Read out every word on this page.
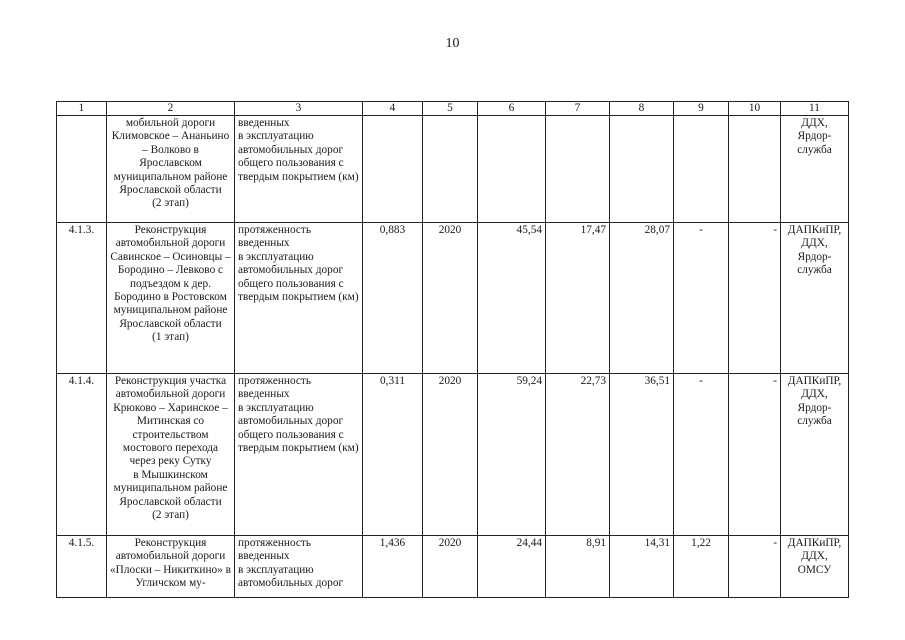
10
1	2	3	4	5	6	7	8	9	10	11
	мобильной дороги
Климовское – Ананьино – Волково в Ярославском муниципальном районе Ярославской области
(2 этап)	введенных
в эксплуатацию автомобильных дорог общего пользования с твердым покрытием (км)								ДДХ,
Ярдор-
служба
4.1.3.	Реконструкция автомобильной дороги Савинское – Осиновцы – Бородино – Левково с подъездом к дер. Бородино в Ростовском муниципальном районе Ярославской области
(1 этап)	протяженность введенных
в эксплуатацию автомобильных дорог общего пользования с твердым покрытием (км)	0,883	2020	45,54	17,47	28,07	-	-	ДАПКиПР,
ДДХ,
Ярдор-
служба
4.1.4.	Реконструкция участка автомобильной дороги Крюково – Харинское – Митинская со строительством мостового перехода через реку Сутку
в Мышкинском муниципальном районе Ярославской области
(2 этап)	протяженность введенных
в эксплуатацию автомобильных дорог общего пользования с твердым покрытием (км)	0,311	2020	59,24	22,73	36,51	-	-	ДАПКиПР,
ДДХ,
Ярдор-
служба
4.1.5.	Реконструкция автомобильной дороги «Плоски – Никиткино» в Угличском му-	протяженность введенных
в эксплуатацию автомобильных дорог	1,436	2020	24,44	8,91	14,31	1,22	-	ДАПКиПР,
ДДХ,
ОМСУ
